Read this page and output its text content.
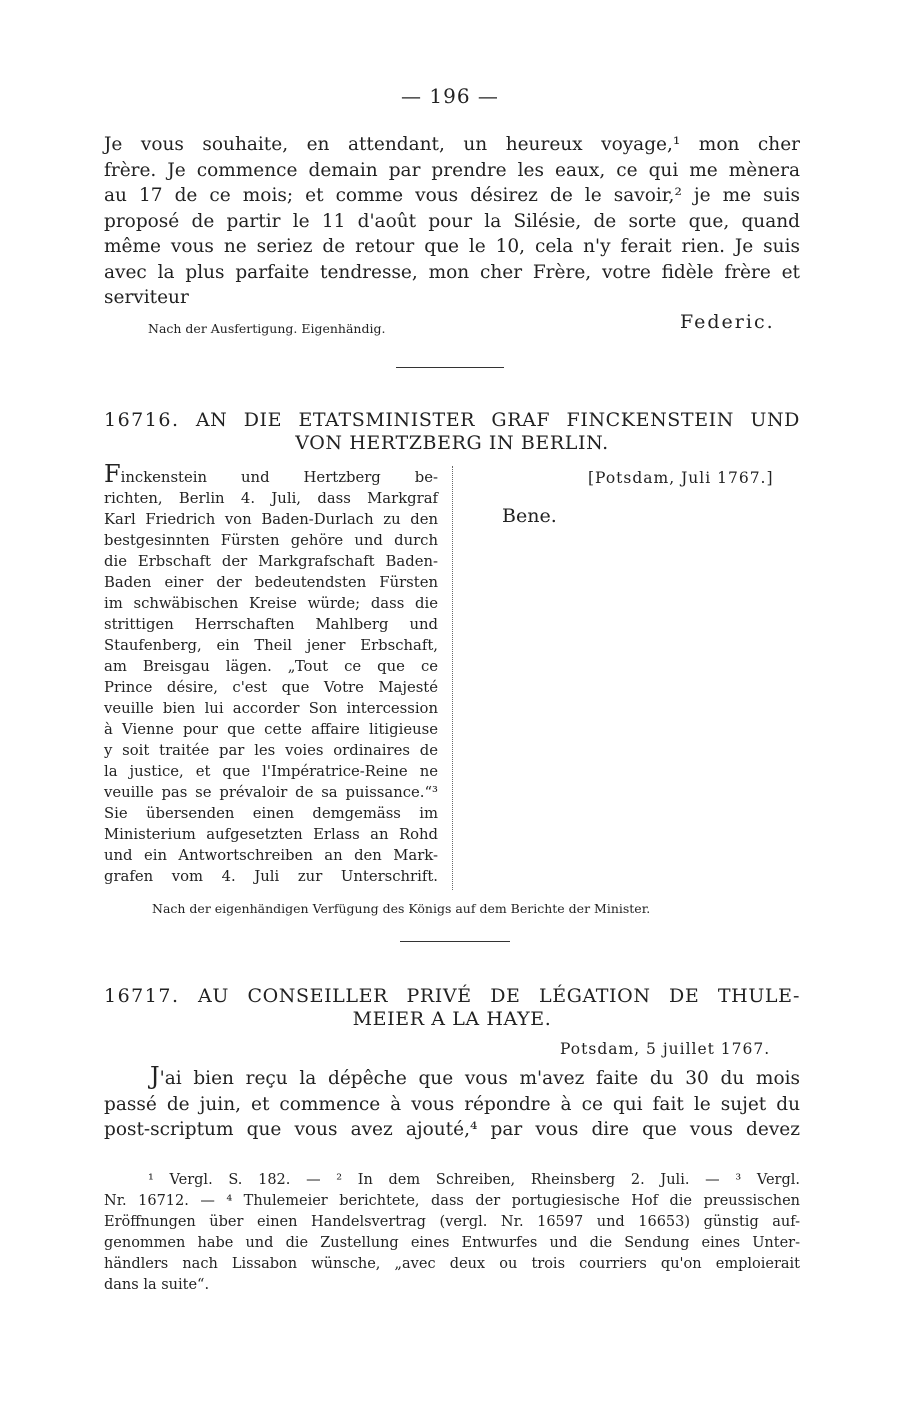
— 196 —
Je vous souhaite, en attendant, un heureux voyage,¹ mon cher
frère. Je commence demain par prendre les eaux, ce qui me mènera
au 17 de ce mois; et comme vous désirez de le savoir,² je me suis
proposé de partir le 11 d'août pour la Silésie, de sorte que, quand
même vous ne seriez de retour que le 10, cela n'y ferait rien. Je suis
avec la plus parfaite tendresse, mon cher Frère, votre fidèle frère et
serviteur
Nach der Ausfertigung. Eigenhändig.	Federic.
16716. AN DIE ETATSMINISTER GRAF FINCKENSTEIN UND
VON HERTZBERG IN BERLIN.
Finckenstein und Hertzberg be-
richten, Berlin 4. Juli, dass Markgraf
Karl Friedrich von Baden-Durlach zu den
bestgesinnten Fürsten gehöre und durch
die Erbschaft der Markgrafschaft Baden-
Baden einer der bedeutendsten Fürsten
im schwäbischen Kreise würde; dass die
strittigen Herrschaften Mahlberg und
Staufenberg, ein Theil jener Erbschaft,
am Breisgau lägen. „Tout ce que ce
Prince désire, c'est que Votre Majesté
veuille bien lui accorder Son intercession
à Vienne pour que cette affaire litigieuse
y soit traitée par les voies ordinaires de
la justice, et que l'Impératrice-Reine ne
veuille pas se prévaloir de sa puissance.“³
Sie übersenden einen demgemäss im
Ministerium aufgesetzten Erlass an Rohd
und ein Antwortschreiben an den Mark-
grafen vom 4. Juli zur Unterschrift.
[Potsdam, Juli 1767.]
Bene.
Nach der eigenhändigen Verfügung des Königs auf dem Berichte der Minister.
16717. AU CONSEILLER PRIVÉ DE LÉGATION DE THULE-
MEIER A LA HAYE.
Potsdam, 5 juillet 1767.
J'ai bien reçu la dépêche que vous m'avez faite du 30 du mois
passé de juin, et commence à vous répondre à ce qui fait le sujet du
post-scriptum que vous avez ajouté,⁴ par vous dire que vous devez
¹ Vergl. S. 182. — ² In dem Schreiben, Rheinsberg 2. Juli. — ³ Vergl.
Nr. 16712. — ⁴ Thulemeier berichtete, dass der portugiesische Hof die preussischen
Eröffnungen über einen Handelsvertrag (vergl. Nr. 16597 und 16653) günstig auf-
genommen habe und die Zustellung eines Entwurfes und die Sendung eines Unter-
händlers nach Lissabon wünsche, „avec deux ou trois courriers qu'on emploierait
dans la suite“.
